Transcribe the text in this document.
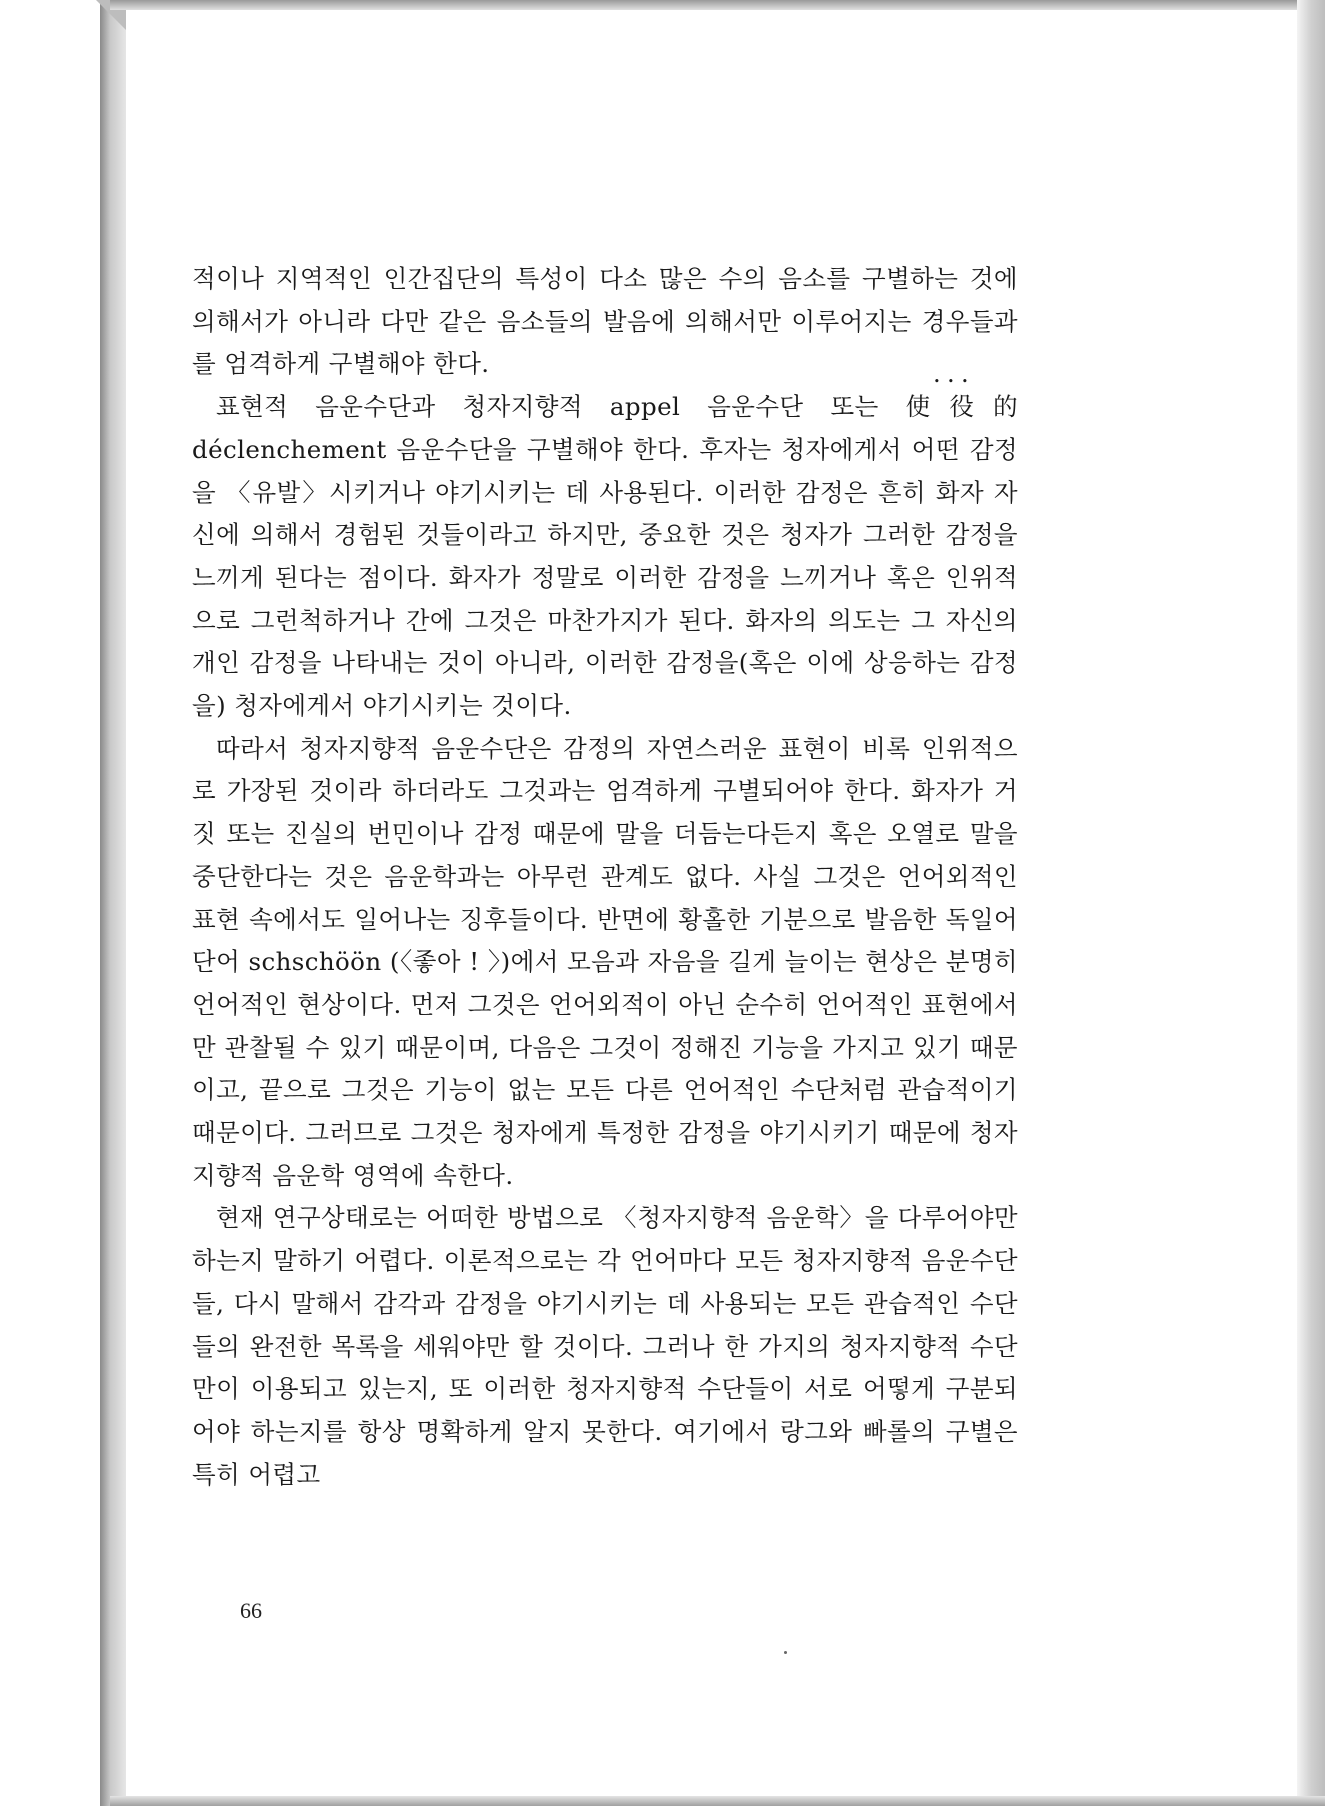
적이나 지역적인 인간집단의 특성이 다소 많은 수의 음소를 구별하는 것에 의해서가 아니라 다만 같은 음소들의 발음에 의해서만 이루어지는 경우들과를 엄격하게 구별해야 한다.

표현적 음운수단과 청자지향적 appel 음운수단 또는 • • • 使役的 déclenchement 음운수단을 구별해야 한다. 후자는 청자에게서 어떤 감정을 〈유발〉시키거나 야기시키는 데 사용된다. 이러한 감정은 흔히 화자 자신에 의해서 경험된 것들이라고 하지만, 중요한 것은 청자가 그러한 감정을 느끼게 된다는 점이다. 화자가 정말로 이러한 감정을 느끼거나 혹은 인위적으로 그런척하거나 간에 그것은 마찬가지가 된다. 화자의 의도는 그 자신의 개인 감정을 나타내는 것이 아니라, 이러한 감정을(혹은 이에 상응하는 감정을) 청자에게서 야기시키는 것이다.

따라서 청자지향적 음운수단은 감정의 자연스러운 표현이 비록 인위적으로 가장된 것이라 하더라도 그것과는 엄격하게 구별되어야 한다. 화자가 거짓 또는 진실의 번민이나 감정 때문에 말을 더듬는다든지 혹은 오열로 말을 중단한다는 것은 음운학과는 아무런 관계도 없다. 사실 그것은 언어외적인 표현 속에서도 일어나는 징후들이다. 반면에 황홀한 기분으로 발음한 독일어 단어 schschöön (〈좋아 ! 〉)에서 모음과 자음을 길게 늘이는 현상은 분명히 언어적인 현상이다. 먼저 그것은 언어외적이 아닌 순수히 언어적인 표현에서만 관찰될 수 있기 때문이며, 다음은 그것이 정해진 기능을 가지고 있기 때문이고, 끝으로 그것은 기능이 없는 모든 다른 언어적인 수단처럼 관습적이기 때문이다. 그러므로 그것은 청자에게 특정한 감정을 야기시키기 때문에 청자지향적 음운학 영역에 속한다.

현재 연구상태로는 어떠한 방법으로 〈청자지향적 음운학〉을 다루어야만 하는지 말하기 어렵다. 이론적으로는 각 언어마다 모든 청자지향적 음운수단들, 다시 말해서 감각과 감정을 야기시키는 데 사용되는 모든 관습적인 수단들의 완전한 목록을 세워야만 할 것이다. 그러나 한 가지의 청자지향적 수단만이 이용되고 있는지, 또 이러한 청자지향적 수단들이 서로 어떻게 구분되어야 하는지를 항상 명확하게 알지 못한다. 여기에서 랑그와 빠롤의 구별은 특히 어렵고

66
